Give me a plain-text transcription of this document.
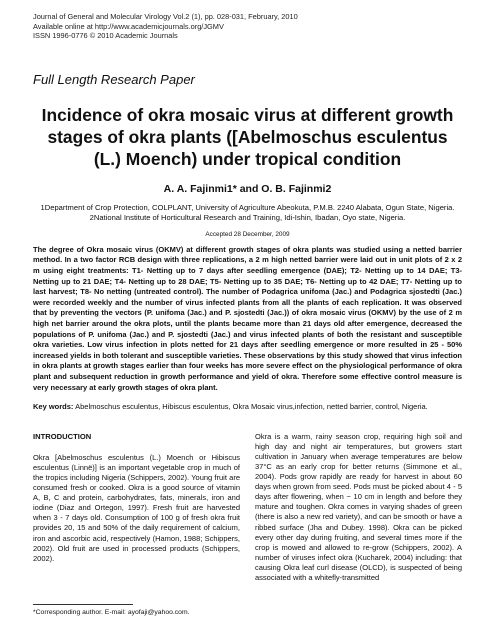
Journal of General and Molecular Virology Vol.2 (1), pp. 028-031, February, 2010
Available online at http://www.academicjournals.org/JGMV
ISSN 1996-0776 © 2010 Academic Journals
Full Length Research Paper
Incidence of okra mosaic virus at different growth stages of okra plants ([Abelmoschus esculentus (L.) Moench) under tropical condition
A. A. Fajinmi1* and O. B. Fajinmi2
1Department of Crop Protection, COLPLANT, University of Agriculture Abeokuta, P.M.B. 2240 Alabata, Ogun State, Nigeria.
2National Institute of Horticultural Research and Training, Idi-Ishin, Ibadan, Oyo state, Nigeria.
Accepted 28 December, 2009
The degree of Okra mosaic virus (OKMV) at different growth stages of okra plants was studied using a netted barrier method. In a two factor RCB design with three replications, a 2 m high netted barrier were laid out in unit plots of 2 x 2 m using eight treatments: T1- Netting up to 7 days after seedling emergence (DAE); T2- Netting up to 14 DAE; T3- Netting up to 21 DAE; T4- Netting up to 28 DAE; T5- Netting up to 35 DAE; T6- Netting up to 42 DAE; T7- Netting up to last harvest; T8- No netting (untreated control). The number of Podagrica unifoma (Jac.) and Podagrica sjostedti (Jac.) were recorded weekly and the number of virus infected plants from all the plants of each replication. It was observed that by preventing the vectors (P. unifoma (Jac.) and P. sjostedti (Jac.)) of okra mosaic virus (OKMV) by the use of 2 m high net barrier around the okra plots, until the plants became more than 21 days old after emergence, decreased the populations of P. unifoma (Jac.) and P. sjostedti (Jac.) and virus infected plants of both the resistant and susceptible okra varieties. Low virus infection in plots netted for 21 days after seedling emergence or more resulted in 25 - 50% increased yields in both tolerant and susceptible varieties. These observations by this study showed that virus infection in okra plants at growth stages earlier than four weeks has more severe effect on the physiological performance of okra plant and subsequent reduction in growth performance and yield of okra. Therefore some effective control measure is very necessary at early growth stages of okra plant.
Key words: Abelmoschus esculentus, Hibiscus esculentus, Okra Mosaic virus,infection, netted barrier, control, Nigeria.
INTRODUCTION
Okra [Abelmoschus esculentus (L.) Moench or Hibiscus esculentus (Linnё)] is an important vegetable crop in much of the tropics including Nigeria (Schippers, 2002). Young fruit are consumed fresh or cooked. Okra is a good source of vitamin A, B, C and protein, carbohydrates, fats, minerals, iron and iodine (Diaz and Ortegon, 1997). Fresh fruit are harvested when 3 - 7 days old. Consumption of 100 g of fresh okra fruit provides 20, 15 and 50% of the daily requirement of calcium, iron and ascorbic acid, respectively (Hamon, 1988; Schippers, 2002). Old fruit are used in processed products (Schippers, 2002).
*Corresponding author. E-mail: ayofaji@yahoo.com.
Okra is a warm, rainy season crop, requiring high soil and high day and night air temperatures, but growers start cultivation in January when average temperatures are below 37°C as an early crop for better returns (Simmone et al., 2004). Pods grow rapidly are ready for harvest in about 60 days when grown from seed. Pods must be picked about 4 - 5 days after flowering, when ~ 10 cm in length and before they mature and toughen. Okra comes in varying shades of green (there is also a new red variety), and can be smooth or have a ribbed surface (Jha and Dubey. 1998). Okra can be picked every other day during fruiting, and several times more if the crop is mowed and allowed to re-grow (Schippers, 2002). A number of viruses infect okra (Kucharek, 2004) including: that causing Okra leaf curl disease (OLCD), is suspected of being associated with a whitefly-transmitted
